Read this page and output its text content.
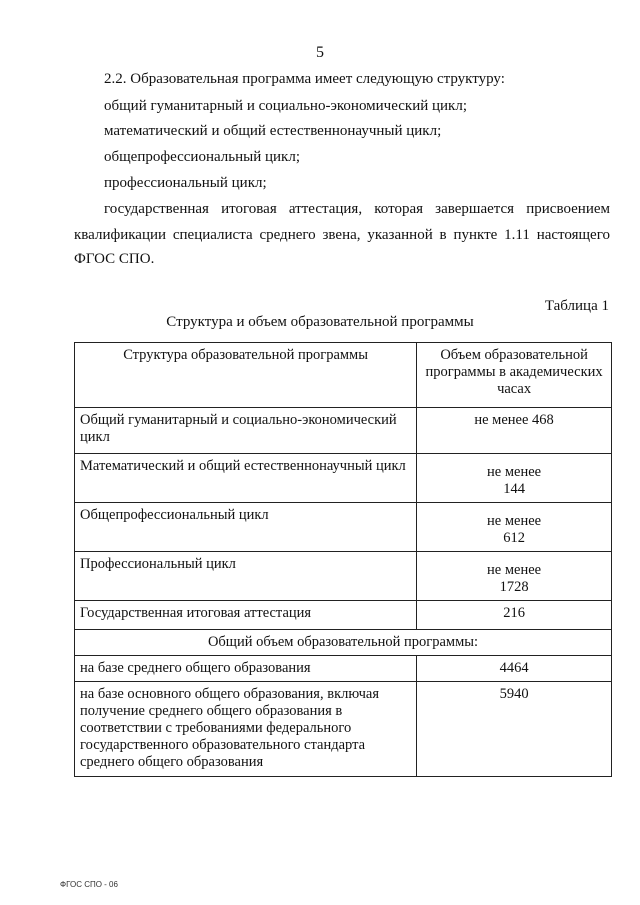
5
2.2. Образовательная программа имеет следующую структуру:
общий гуманитарный и социально-экономический цикл;
математический и общий естественнонаучный цикл;
общепрофессиональный цикл;
профессиональный цикл;
государственная итоговая аттестация, которая завершается присвоением
квалификации специалиста среднего звена, указанной в пункте 1.11 настоящего
ФГОС СПО.
Таблица 1
Структура и объем образовательной программы
Структура образовательной программы	Объем образовательной программы в академических часах
Общий гуманитарный и социально-экономический цикл	не менее 468
Математический и общий естественнонаучный цикл	не менее
144

Общепрофессиональный цикл	не менее
612

Профессиональный цикл	не менее
1728

Государственная итоговая аттестация	216
Общий объем образовательной программы:	
на базе среднего общего образования	4464
на базе основного общего образования, включая получение среднего общего образования в соответствии с требованиями федерального государственного образовательного стандарта среднего общего образования	5940
ФГОС СПО - 06
